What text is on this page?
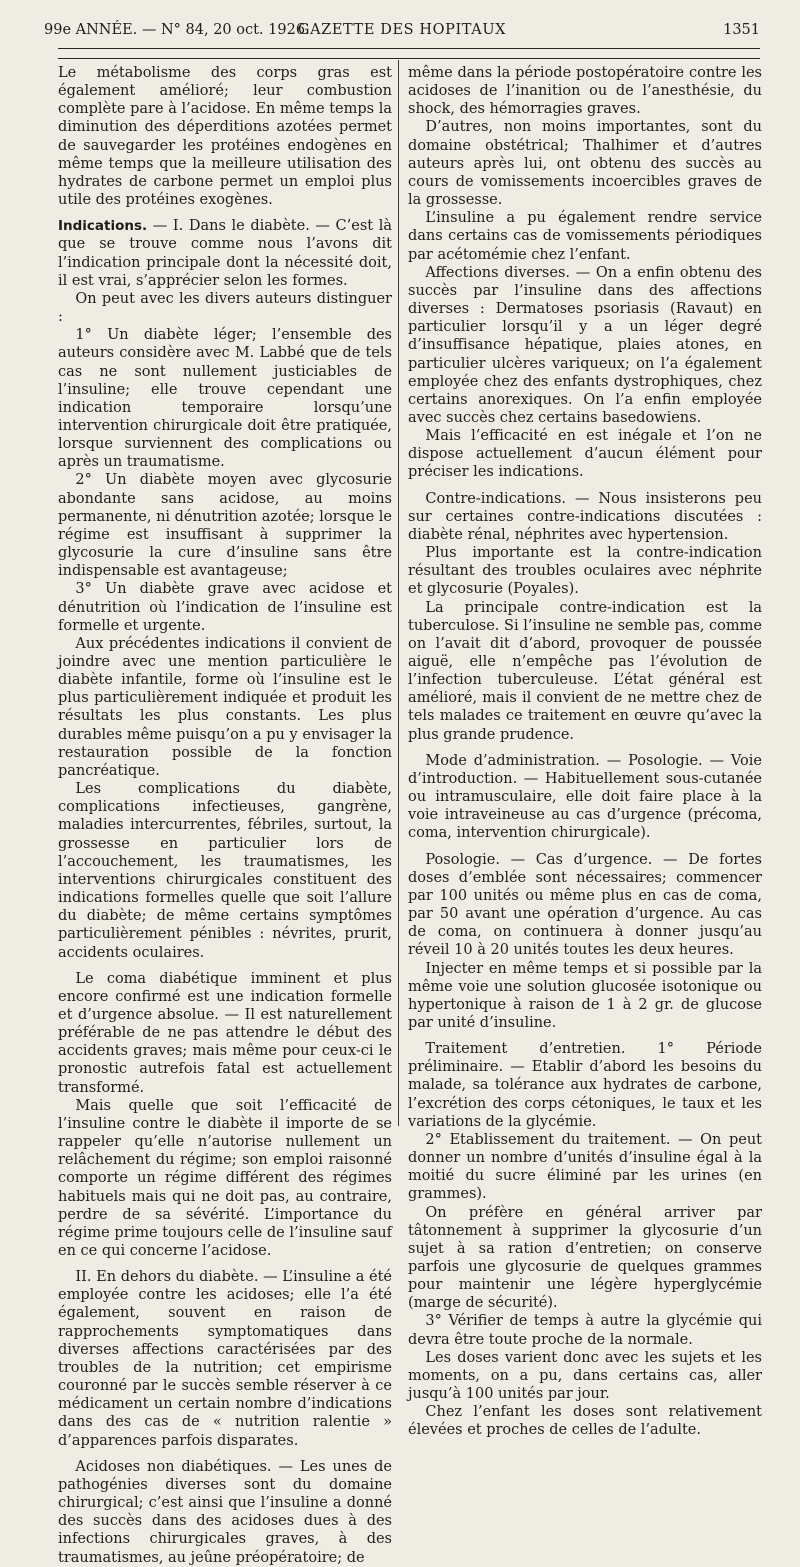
99e ANNÉE. — N° 84, 20 oct. 1926.
GAZETTE DES HOPITAUX	1351

Le métabolisme des corps gras est également amélioré; leur combustion complète pare à l’acidose. En même temps la diminution des déperditions azotées permet de sauvegarder les protéines endogènes en même temps que la meilleure utilisation des hydrates de carbone permet un emploi plus utile des protéines exogènes.

Indications. — I. Dans le diabète. — C’est là que se trouve comme nous l’avons dit l’indication principale dont la nécessité doit, il est vrai, s’apprécier selon les formes.

On peut avec les divers auteurs distinguer :

1° Un diabète léger; l’ensemble des auteurs considère avec M. Labbé que de tels cas ne sont nullement justiciables de l’insuline; elle trouve cependant une indication temporaire lorsqu’une intervention chirurgicale doit être pratiquée, lorsque surviennent des complications ou après un traumatisme.

2° Un diabète moyen avec glycosurie abondante sans acidose, au moins permanente, ni dénutrition azotée; lorsque le régime est insuffisant à supprimer la glycosurie la cure d’insuline sans être indispensable est avantageuse;

3° Un diabète grave avec acidose et dénutrition où l’indication de l’insuline est formelle et urgente.

Aux précédentes indications il convient de joindre avec une mention particulière le diabète infantile, forme où l’insuline est le plus particulièrement indiquée et produit les résultats les plus constants. Les plus durables même puisqu’on a pu y envisager la restauration possible de la fonction pancréatique.

Les complications du diabète, complications infectieuses, gangrène, maladies intercurrentes, fébriles, surtout, la grossesse en particulier lors de l’accouchement, les traumatismes, les interventions chirurgicales constituent des indications formelles quelle que soit l’allure du diabète; de même certains symptômes particulièrement pénibles : névrites, prurit, accidents oculaires.

Le coma diabétique imminent et plus encore confirmé est une indication formelle et d’urgence absolue. — Il est naturellement préférable de ne pas attendre le début des accidents graves; mais même pour ceux-ci le pronostic autrefois fatal est actuellement transformé.

Mais quelle que soit l’efficacité de l’insuline contre le diabète il importe de se rappeler qu’elle n’autorise nullement un relâchement du régime; son emploi raisonné comporte un régime différent des régimes habituels mais qui ne doit pas, au contraire, perdre de sa sévérité. L’importance du régime prime toujours celle de l’insuline sauf en ce qui concerne l’acidose.

II. En dehors du diabète. — L’insuline a été employée contre les acidoses; elle l’a été également, souvent en raison de rapprochements symptomatiques dans diverses affections caractérisées par des troubles de la nutrition; cet empirisme couronné par le succès semble réserver à ce médicament un certain nombre d’indications dans des cas de « nutrition ralentie » d’apparences parfois disparates.

Acidoses non diabétiques. — Les unes de pathogénies diverses sont du domaine chirurgical; c’est ainsi que l’insuline a donné des succès dans des acidoses dues à des infections chirurgicales graves, à des traumatismes, au jeûne préopératoire; de

même dans la période postopératoire contre les acidoses de l’inanition ou de l’anesthésie, du shock, des hémorragies graves.

D’autres, non moins importantes, sont du domaine obstétrical; Thalhimer et d’autres auteurs après lui, ont obtenu des succès au cours de vomissements incoercibles graves de la grossesse.

L’insuline a pu également rendre service dans certains cas de vomissements périodiques par acétomémie chez l’enfant.

Affections diverses. — On a enfin obtenu des succès par l’insuline dans des affections diverses : Dermatoses psoriasis (Ravaut) en particulier lorsqu’il y a un léger degré d’insuffisance hépatique, plaies atones, en particulier ulcères variqueux; on l’a également employée chez des enfants dystrophiques, chez certains anorexiques. On l’a enfin employée avec succès chez certains basedowiens.

Mais l’efficacité en est inégale et l’on ne dispose actuellement d’aucun élément pour préciser les indications.

Contre-indications. — Nous insisterons peu sur certaines contre-indications discutées : diabète rénal, néphrites avec hypertension.

Plus importante est la contre-indication résultant des troubles oculaires avec néphrite et glycosurie (Poyales).

La principale contre-indication est la tuberculose. Si l’insuline ne semble pas, comme on l’avait dit d’abord, provoquer de poussée aiguë, elle n’empêche pas l’évolution de l’infection tuberculeuse. L’état général est amélioré, mais il convient de ne mettre chez de tels malades ce traitement en œuvre qu’avec la plus grande prudence.

Mode d’administration. — Posologie. — Voie d’introduction. — Habituellement sous-cutanée ou intramusculaire, elle doit faire place à la voie intraveineuse au cas d’urgence (précoma, coma, intervention chirurgicale).

Posologie. — Cas d’urgence. — De fortes doses d’emblée sont nécessaires; commencer par 100 unités ou même plus en cas de coma, par 50 avant une opération d’urgence. Au cas de coma, on continuera à donner jusqu’au réveil 10 à 20 unités toutes les deux heures.

Injecter en même temps et si possible par la même voie une solution glucosée isotonique ou hypertonique à raison de 1 à 2 gr. de glucose par unité d’insuline.

Traitement d’entretien. 1° Période préliminaire. — Etablir d’abord les besoins du malade, sa tolérance aux hydrates de carbone, l’excrétion des corps cétoniques, le taux et les variations de la glycémie.

2° Etablissement du traitement. — On peut donner un nombre d’unités d’insuline égal à la moitié du sucre éliminé par les urines (en grammes).

On préfère en général arriver par tâtonnement à supprimer la glycosurie d’un sujet à sa ration d’entretien; on conserve parfois une glycosurie de quelques grammes pour maintenir une légère hyperglycémie (marge de sécurité).

3° Vérifier de temps à autre la glycémie qui devra être toute proche de la normale.

Les doses varient donc avec les sujets et les moments, on a pu, dans certains cas, aller jusqu’à 100 unités par jour.

Chez l’enfant les doses sont relativement élevées et proches de celles de l’adulte.
